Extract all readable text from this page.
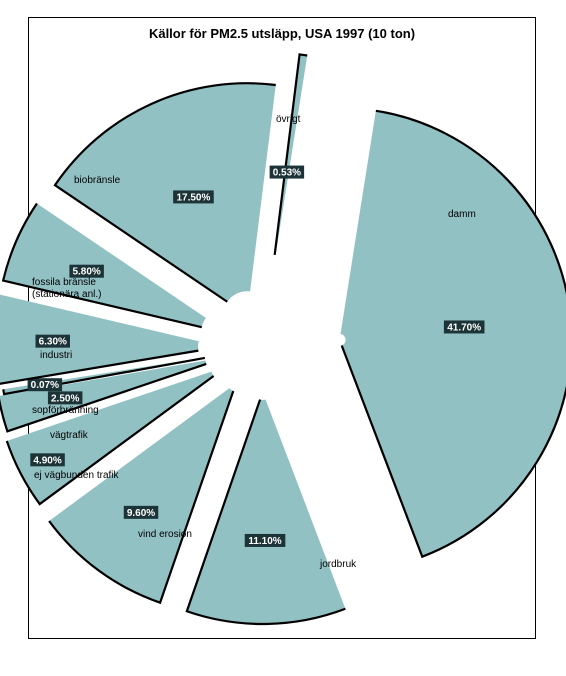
Källor för PM2.5 utsläpp, USA 1997 (10 ton)
41.70%
damm
11.10%
jordbruk
9.60%
vind erosion
4.90%
ej vägbunden trafik
2.50%
vägtrafik
0.07%
sopförbränning
6.30%
industri
5.80%
fossila bränsle (stationära anl.)
17.50%
biobränsle
0.53%
övrigt
